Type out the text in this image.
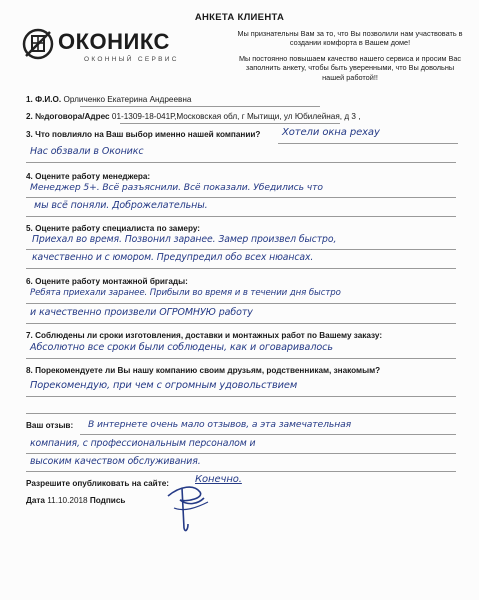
АНКЕТА КЛИЕНТА
ОКОНИКС
ОКОННЫЙ СЕРВИС
Мы признательны Вам за то, что Вы позволили нам участвовать в создании комфорта в Вашем доме!
Мы постоянно повышаем качество нашего сервиса и просим Вас заполнить анкету, чтобы быть уверенными, что Вы довольны нашей работой!!
1. Ф.И.О. Орличенко Екатерина Андреевна
2. №договора/Адрес 01-1309-18-041Р,Московская обл, г Мытищи, ул Юбилейная, д 3 ,
3. Что повлияло на Ваш выбор именно нашей компании? Хотели окна рехау
Нас обзвали в Оконикс
4. Оцените работу менеджера:
Менеджер 5+. Всё разъяснили. Всё показали. Убедились что
мы всё поняли. Доброжелательны.
5. Оцените работу специалиста по замеру:
Приехал во время. Позвонил заранее. Замер произвел быстро,
качественно и с юмором. Предупредил обо всех нюансах.
6. Оцените работу монтажной бригады:
Ребята приехали заранее. Прибыли во время и в течении дня быстро
и качественно произвели ОГРОМНУЮ работу
7. Соблюдены ли сроки изготовления, доставки и монтажных работ по Вашему заказу:
Абсолютно все сроки были соблюдены, как и оговаривалось
8. Порекомендуете ли Вы нашу компанию своим друзьям, родственникам, знакомым?
Порекомендую, при чем с огромным удовольствием
Ваш отзыв: В интернете очень мало отзывов, а эта замечательная
компания, с профессиональным персоналом и
высоким качеством обслуживания.
Разрешите опубликовать на сайте:	Конечно.
Дата 11.10.2018 Подпись
